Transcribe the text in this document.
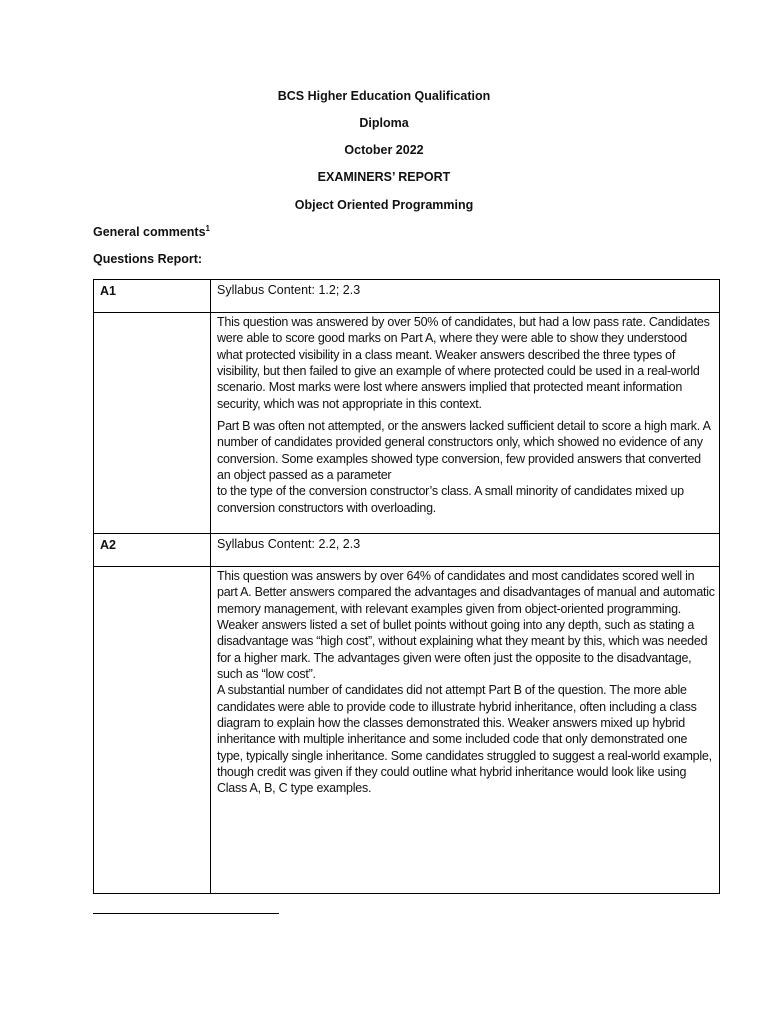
BCS Higher Education Qualification
Diploma
October 2022
EXAMINERS’ REPORT
Object Oriented Programming
General comments$^1$
Questions Report:
A1	Syllabus Content: 1.2; 2.3

	This question was answered by over 50% of candidates, but had a low pass rate. Candidates were able to score good marks on Part A, where they were able to show they understood what protected visibility in a class meant. Weaker answers described the three types of visibility, but then failed to give an example of where protected could be used in a real-world scenario. Most marks were lost where answers implied that protected meant information security, which was not appropriate in this context.

Part B was often not attempted, or the answers lacked sufficient detail to score a high mark. A number of candidates provided general constructors only, which showed no evidence of any conversion. Some examples showed type conversion, few provided answers that converted an object passed as a parameter

to the type of the conversion constructor’s class. A small minority of candidates mixed up conversion constructors with overloading.

A2	Syllabus Content: 2.2, 2.3

	This question was answers by over 64% of candidates and most candidates scored well in part A. Better answers compared the advantages and disadvantages of manual and automatic memory management, with relevant examples given from object-oriented programming. Weaker answers listed a set of bullet points without going into any depth, such as stating a disadvantage was “high cost”, without explaining what they meant by this, which was needed for a higher mark. The advantages given were often just the opposite to the disadvantage, such as “low cost”.

A substantial number of candidates did not attempt Part B of the question. The more able candidates were able to provide code to illustrate hybrid inheritance, often including a class diagram to explain how the classes demonstrated this. Weaker answers mixed up hybrid inheritance with multiple inheritance and some included code that only demonstrated one type, typically single inheritance. Some candidates struggled to suggest a real-world example, though credit was given if they could outline what hybrid inheritance would look like using Class A, B, C type examples.
